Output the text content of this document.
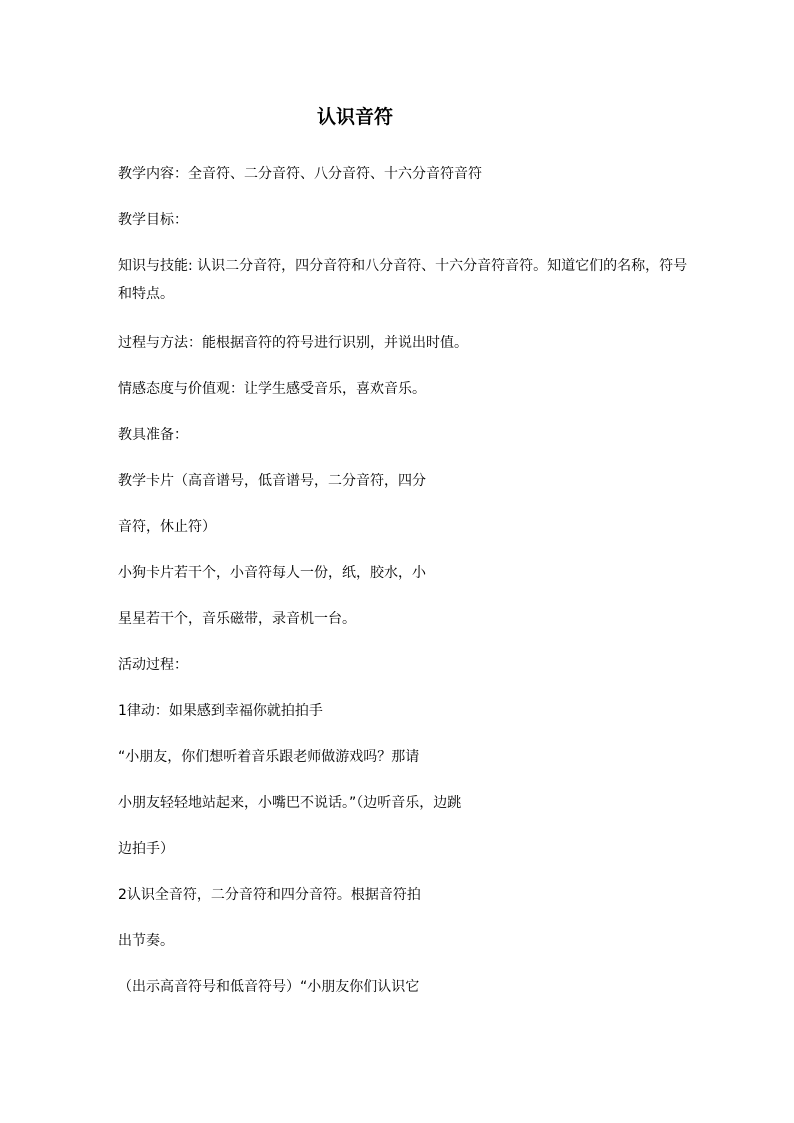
认识音符
教学内容：全音符、二分音符、八分音符、十六分音符音符
教学目标：
知识与技能: 认识二分音符，四分音符和八分音符、十六分音符音符。知道它们的名称，符号和特点。
过程与方法：能根据音符的符号进行识别，并说出时值。
情感态度与价值观：让学生感受音乐，喜欢音乐。
教具准备：
教学卡片（高音谱号，低音谱号，二分音符，四分
音符，休止符）
小狗卡片若干个，小音符每人一份，纸，胶水，小
星星若干个，音乐磁带，录音机一台。
活动过程：
1律动：如果感到幸福你就拍拍手
“小朋友，你们想听着音乐跟老师做游戏吗？那请
小朋友轻轻地站起来，小嘴巴不说话。”（边听音乐，边跳
边拍手）
2认识全音符，二分音符和四分音符。根据音符拍
出节奏。
（出示高音符号和低音符号）“小朋友你们认识它
